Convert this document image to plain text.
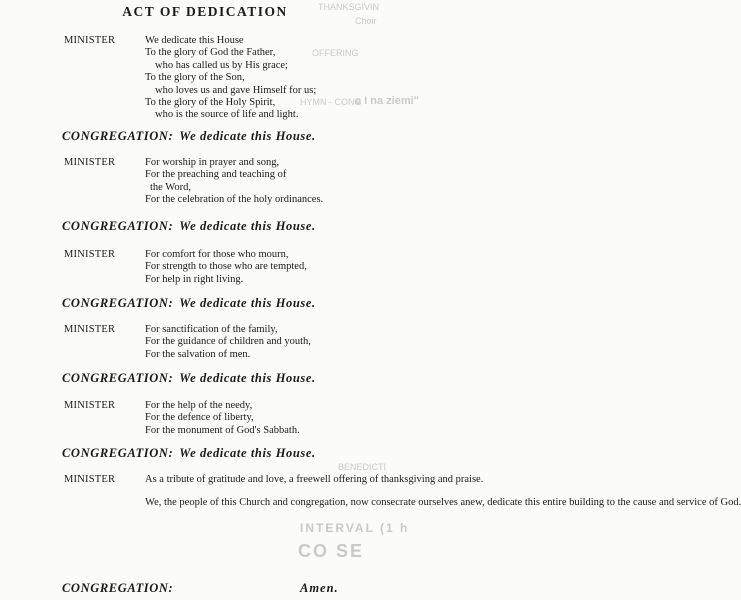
THANKSGIVIN
Choir
OFFERING
HYMN - CONG
e I na ziemi"
INTERVAL (1 h
CO SE
BENEDICTI
ACT OF DEDICATION
MINISTER	We dedicate this House
To the glory of God the Father,
who has called us by His grace;
To the glory of the Son,
who loves us and gave Himself for us;
To the glory of the Holy Spirit,
who is the source of life and light.
CONGREGATION: We dedicate this House.
MINISTER	For worship in prayer and song,
For the preaching and teaching of
the Word,
For the celebration of the holy ordinances.
CONGREGATION: We dedicate this House.
MINISTER	For comfort for those who mourn,
For strength to those who are tempted,
For help in right living.
CONGREGATION: We dedicate this House.
MINISTER	For sanctification of the family,
For the guidance of children and youth,
For the salvation of men.
CONGREGATION: We dedicate this House.
MINISTER	For the help of the needy,
For the defence of liberty,
For the monument of God's Sabbath.
CONGREGATION: We dedicate this House.
MINISTER	As a tribute of gratitude and love, a freewell offering of thanksgiving and praise.
We, the people of this Church and congregation, now consecrate ourselves anew, dedicate this entire building to the cause and service of God.
CONGREGATION:	Amen.
